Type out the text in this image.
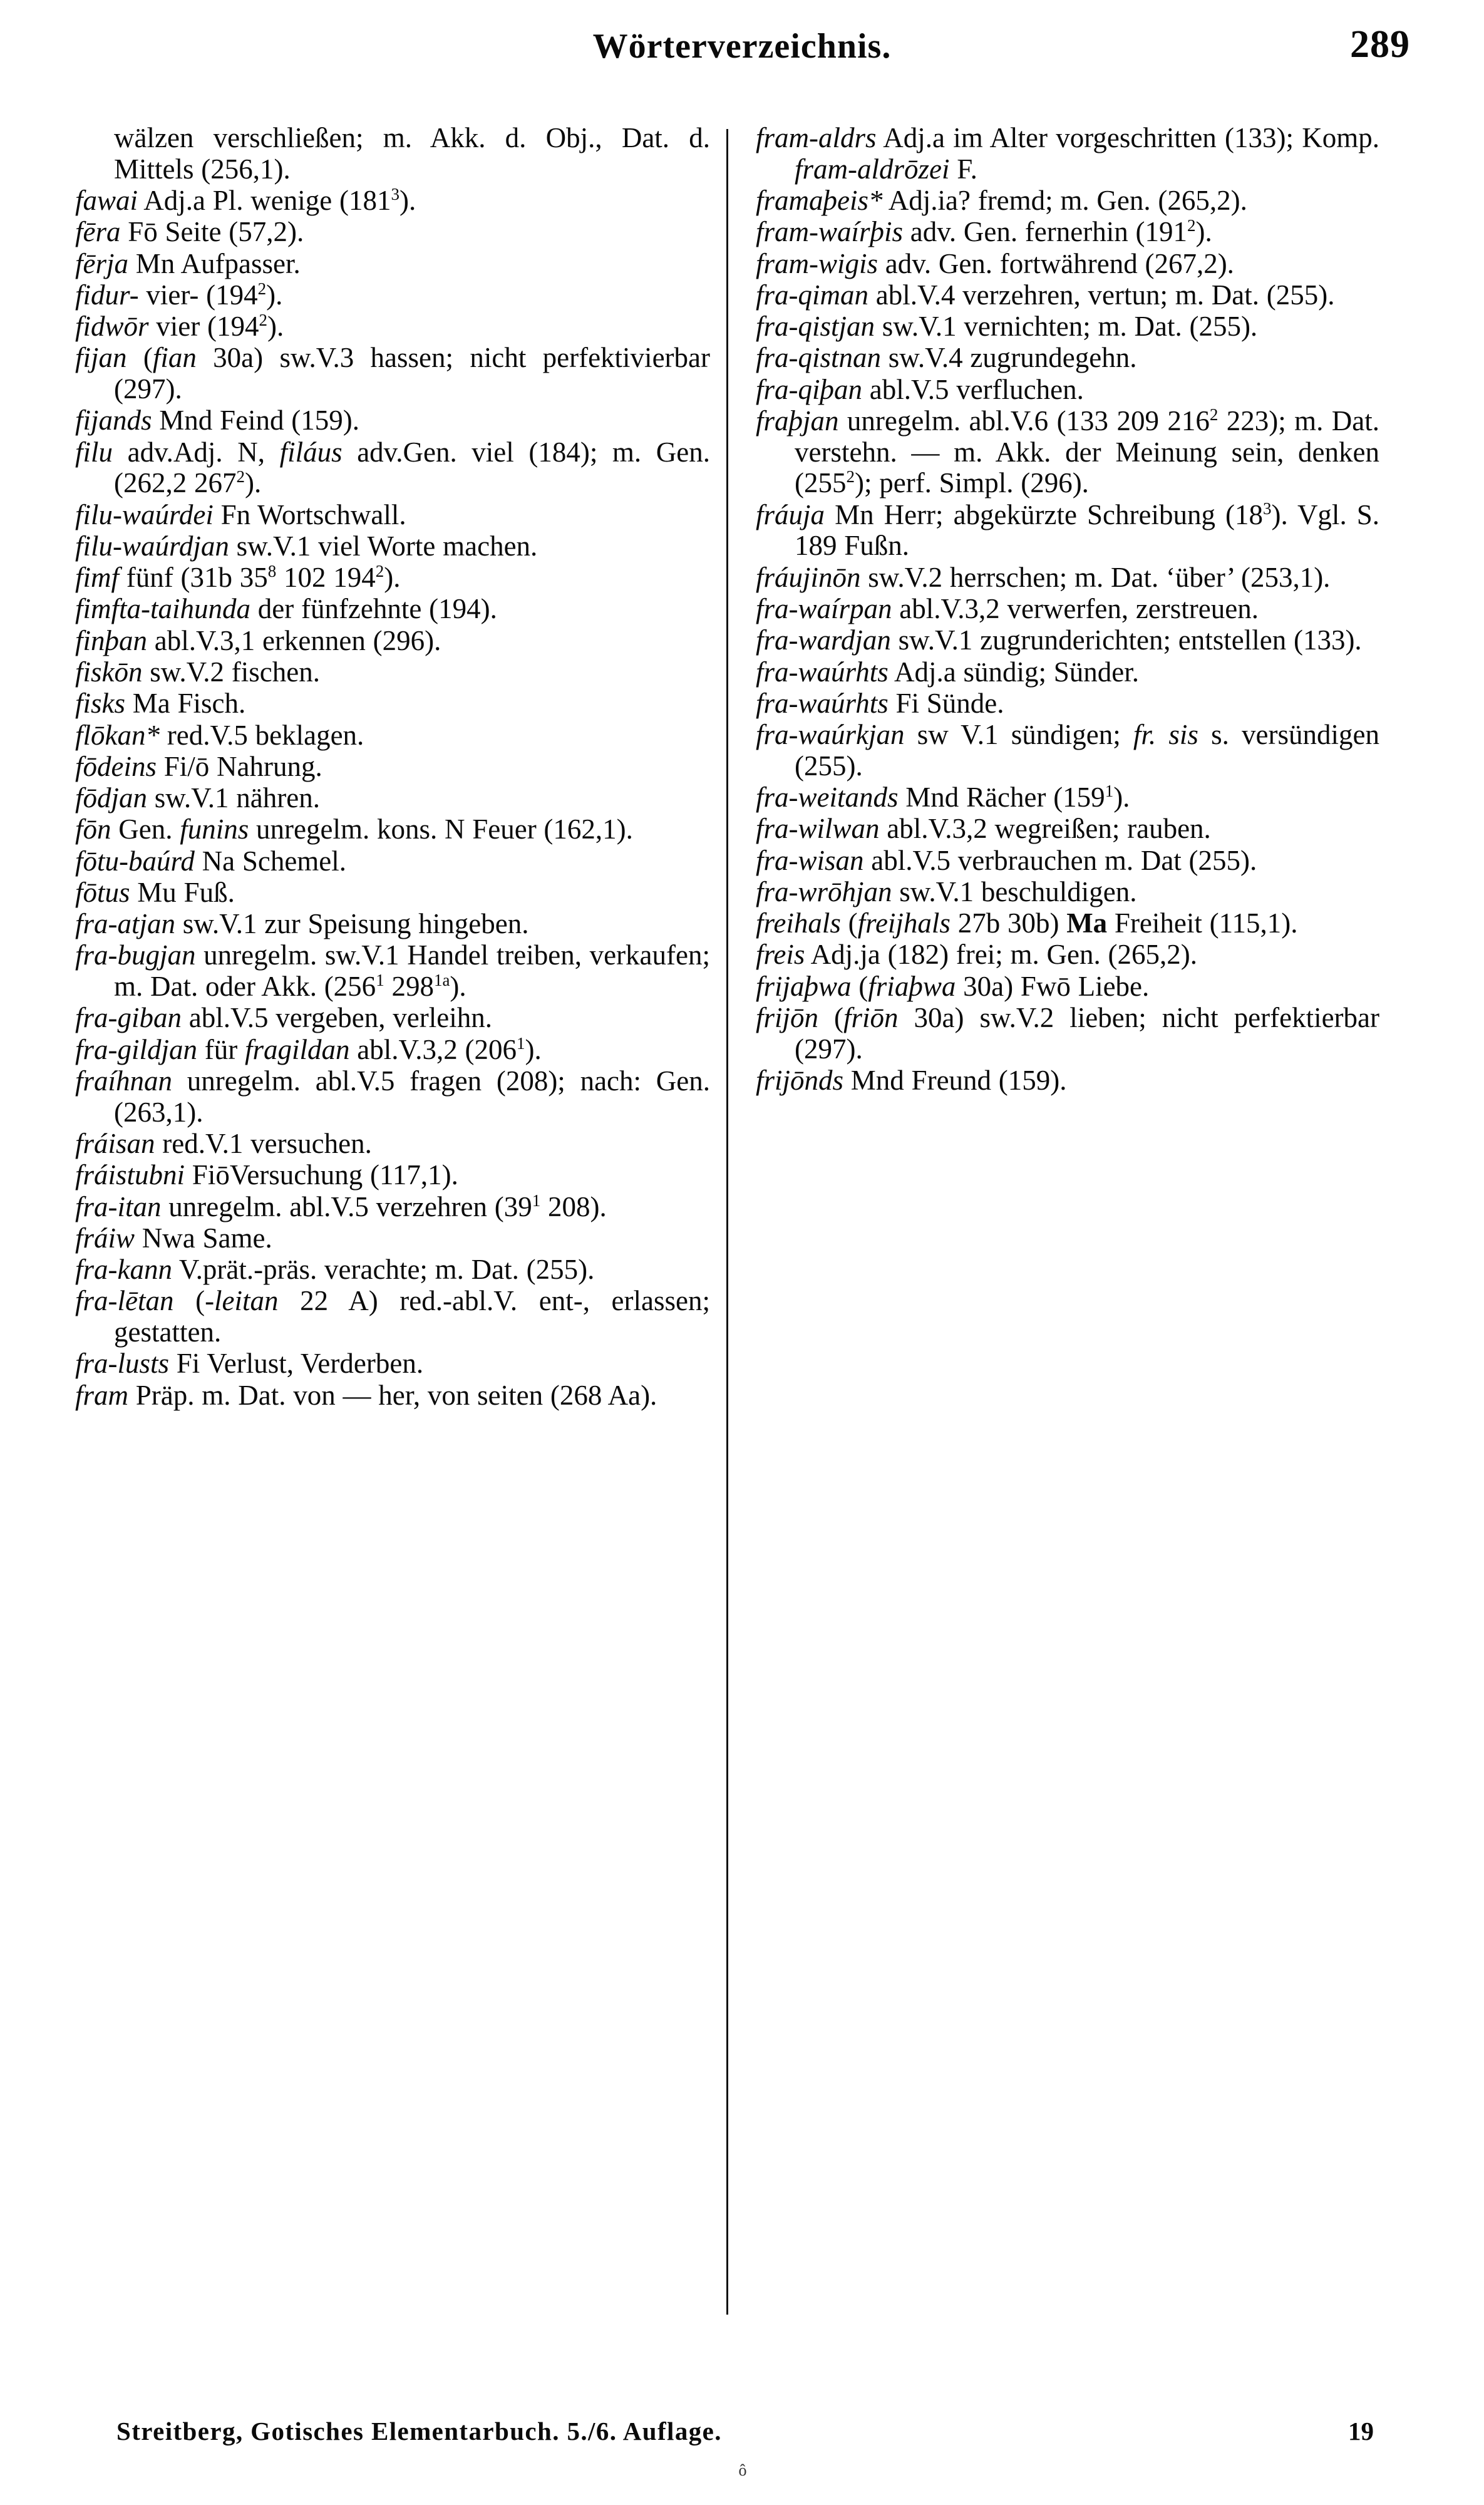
Wörterverzeichnis.	289

wälzen verschließen; m. Akk. d. Obj., Dat. d. Mittels (256,1).

fawai Adj.a Pl. wenige $(181^3)$.

fēra Fō Seite (57,2).

fērja Mn Aufpasser.

fidur- vier- $(194^2)$.

fidwōr vier $(194^2)$.

fijan (fian 30a) sw.V.3 hassen; nicht perfektivierbar (297).

fijands Mnd Feind (159).

filu adv.Adj. N, filáus adv.Gen. viel (184); m. Gen. (262,2 $267^2$).

filu-waúrdei Fn Wortschwall.

filu-waúrdjan sw.V.1 viel Worte machen.

fimf fünf (31b $35^8$ 102 $194^2$).

fimfta-taihunda der fünfzehnte (194).

finþan abl.V.3,1 erkennen (296).

fiskōn sw.V.2 fischen.

fisks Ma Fisch.

flōkan* red.V.5 beklagen.

fōdeins Fi/ō Nahrung.

fōdjan sw.V.1 nähren.

fōn Gen. funins unregelm. kons. N Feuer (162,1).

fōtu-baúrd Na Schemel.

fōtus Mu Fuß.

fra-atjan sw.V.1 zur Speisung hingeben.

fra-bugjan unregelm. sw.V.1 Handel treiben, verkaufen; m. Dat. oder Akk. ($256^1$ $298^{1a}$).

fra-giban abl.V.5 vergeben, verleihn.

fra-gildjan für fragildan abl.V.3,2 $(206^1)$.

fraíhnan unregelm. abl.V.5 fragen (208); nach: Gen. (263,1).

fráisan red.V.1 versuchen.

fráistubni FiōVersuchung (117,1).

fra-itan unregelm. abl.V.5 verzehren ($39^1$ 208).

fráiw Nwa Same.

fra-kann V.prät.-präs. verachte; m. Dat. (255).

fra-lētan (-leitan 22 A) red.-abl.V. ent-, erlassen; gestatten.

fra-lusts Fi Verlust, Verderben.

fram Präp. m. Dat. von — her, von seiten (268 Aa).

fram-aldrs Adj.a im Alter vorgeschritten (133); Komp. fram-aldrōzei F.

framaþeis* Adj.ia? fremd; m. Gen. (265,2).

fram-waírþis adv. Gen. fernerhin $(191^2)$.

fram-wigis adv. Gen. fortwährend (267,2).

fra-qiman abl.V.4 verzehren, vertun; m. Dat. (255).

fra-qistjan sw.V.1 vernichten; m. Dat. (255).

fra-qistnan sw.V.4 zugrundegehn.

fra-qiþan abl.V.5 verfluchen.

fraþjan unregelm. abl.V.6 (133 209 $216^2$ 223); m. Dat. verstehn. — m. Akk. der Meinung sein, denken $(255^2)$; perf. Simpl. (296).

fráuja Mn Herr; abgekürzte Schreibung $(18^3)$. Vgl. S. 189 Fußn.

fráujinōn sw.V.2 herrschen; m. Dat. ‘über’ (253,1).

fra-waírpan abl.V.3,2 verwerfen, zerstreuen.

fra-wardjan sw.V.1 zugrunderichten; entstellen (133).

fra-waúrhts Adj.a sündig; Sünder.

fra-waúrhts Fi Sünde.

fra-waúrkjan sw V.1 sündigen; fr. sis s. versündigen (255).

fra-weitands Mnd Rächer $(159^1)$.

fra-wilwan abl.V.3,2 wegreißen; rauben.

fra-wisan abl.V.5 verbrauchen m. Dat (255).

fra-wrōhjan sw.V.1 beschuldigen.

freihals (freijhals 27b 30b) Ma Freiheit (115,1).

freis Adj.ja (182) frei; m. Gen. (265,2).

frijaþwa (friaþwa 30a) Fwō Liebe.

frijōn (friōn 30a) sw.V.2 lieben; nicht perfektierbar (297).

frijōnds Mnd Freund (159).

Streitberg, Gotisches Elementarbuch. 5./6. Auflage.	19
ô
